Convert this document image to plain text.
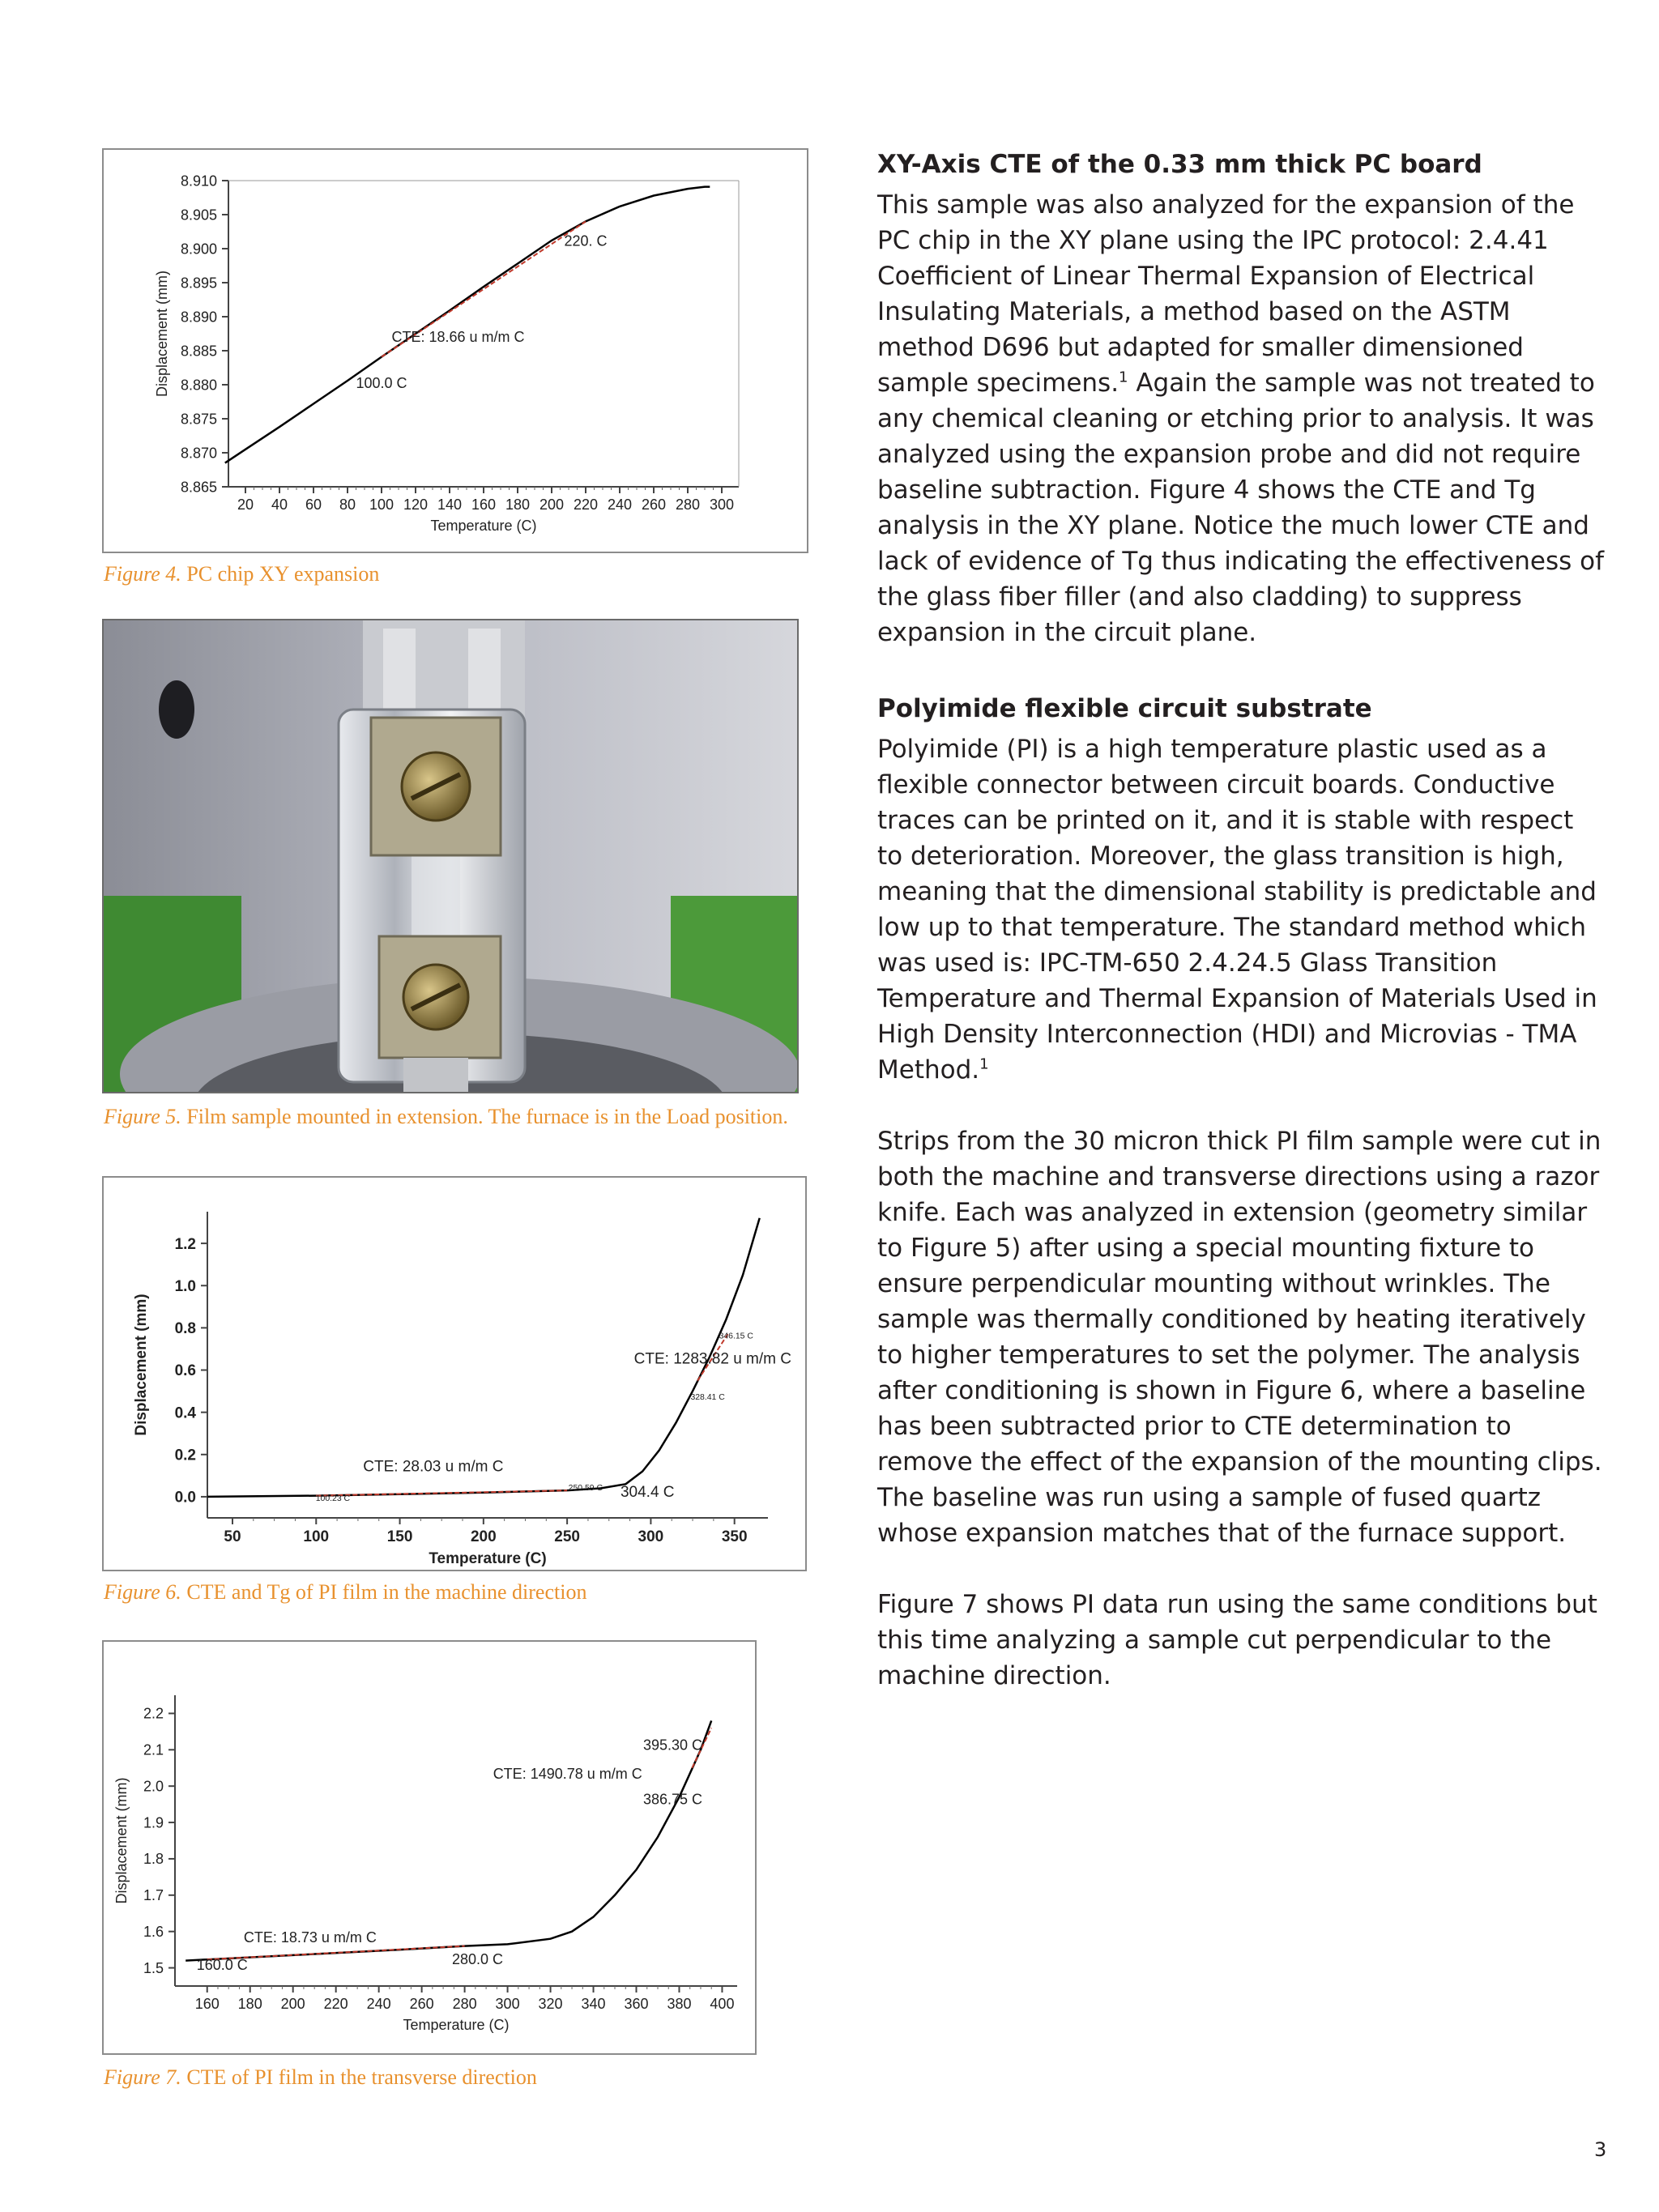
20 40 60 80 100 120 140 160 180 200 220 240 260 280 300
8.865
8.870
8.875
8.880
8.885
8.890
8.895
8.900
8.905
8.910
Temperature (C)
Displacement (mm)
220. C
CTE: 18.66 u m/m C
100.0 C
Figure 4. PC chip XY expansion
Figure 5. Film sample mounted in extension. The furnace is in the Load position.
50	100	150	200	250	300	350
0.0
0.2
0.4
0.6
0.8
1.0
1.2
Temperature (C)
Displacement (mm)	346.15 C
CTE: 1283.82 u m/m C
328.41 C
CTE: 28.03 u m/m C
250.59 C
100.23 C	304.4 C
Figure 6. CTE and Tg of PI film in the machine direction
160 180 200 220 240 260 280 300 320 340 360 380 400
1.5
1.6
1.7
1.8
1.9
2.0
2.1
2.2
Temperature (C)
Displacement (mm)
395.30 C
CTE: 1490.78 u m/m C
386.75 C
CTE: 18.73 u m/m C
280.0 C
160.0 C
Figure 7. CTE of PI film in the transverse direction
XY-Axis CTE of the 0.33 mm thick PC board

This sample was also analyzed for the expansion of the PC chip in the XY plane using the IPC protocol: 2.4.41 Coefficient of Linear Thermal Expansion of Electrical Insulating Materials, a method based on the ASTM method D696 but adapted for smaller dimensioned sample specimens.$^1$ Again the sample was not treated to any chemical cleaning or etching prior to analysis. It was analyzed using the expansion probe and did not require baseline subtraction. Figure 4 shows the CTE and Tg analysis in the XY plane. Notice the much lower CTE and lack of evidence of Tg thus indicating the effectiveness of the glass fiber filler (and also cladding) to suppress expansion in the circuit plane.

Polyimide flexible circuit substrate

Polyimide (PI) is a high temperature plastic used as a flexible connector between circuit boards. Conductive traces can be printed on it, and it is stable with respect to deterioration. Moreover, the glass transition is high, meaning that the dimensional stability is predictable and low up to that temperature. The standard method which was used is: IPC-TM-650 2.4.24.5 Glass Transition Temperature and Thermal Expansion of Materials Used in High Density Interconnection (HDI) and Microvias - TMA Method.$^1$

Strips from the 30 micron thick PI film sample were cut in both the machine and transverse directions using a razor knife. Each was analyzed in extension (geometry similar to Figure 5) after using a special mounting fixture to ensure perpendicular mounting without wrinkles. The sample was thermally conditioned by heating iteratively to higher temperatures to set the polymer. The analysis after conditioning is shown in Figure 6, where a baseline has been subtracted prior to CTE determination to remove the effect of the expansion of the mounting clips. The baseline was run using a sample of fused quartz whose expansion matches that of the furnace support.

Figure 7 shows PI data run using the same conditions but this time analyzing a sample cut perpendicular to the machine direction.

3
